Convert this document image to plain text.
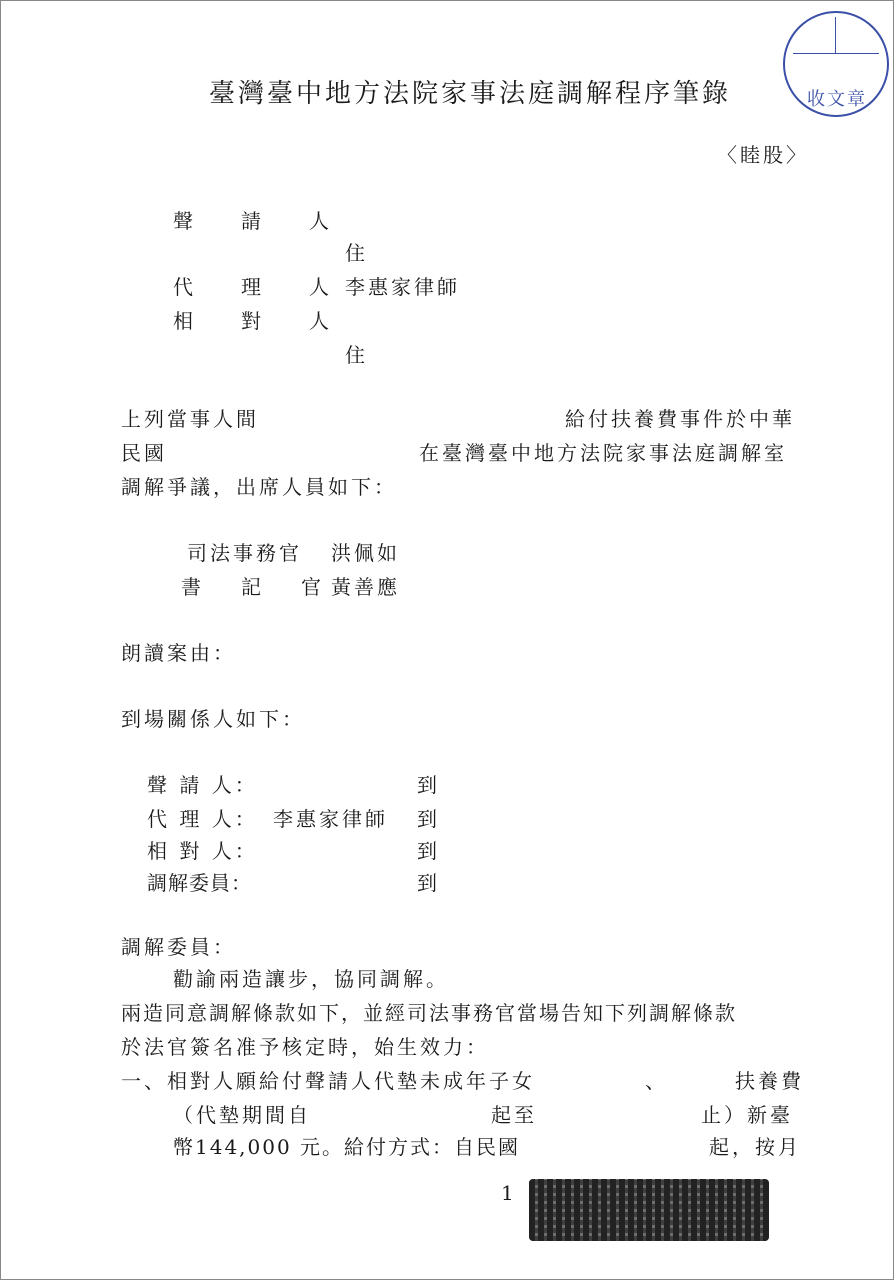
收文章
臺灣臺中地方法院家事法庭調解程序筆錄
〈睦股〉
聲　請　人
住
代　理　人 李惠家律師
相　對　人
住
上列當事人間	給付扶養費事件於中華
民國	在臺灣臺中地方法院家事法庭調解室
調解爭議，出席人員如下：
司法事務官 洪佩如
書　記　官 黃善應
朗讀案由：
到場關係人如下：
聲 請 人：	到
代 理 人： 李惠家律師 到
相 對 人：	到
調解委員：	到
調解委員：
勸諭兩造讓步，協同調解。
兩造同意調解條款如下，並經司法事務官當場告知下列調解條款
於法官簽名准予核定時，始生效力：
一、相對人願給付聲請人代墊未成年子女	、	扶養費
（代墊期間自	起至	止）新臺
幣144,000 元。給付方式：自民國	起，按月
1
